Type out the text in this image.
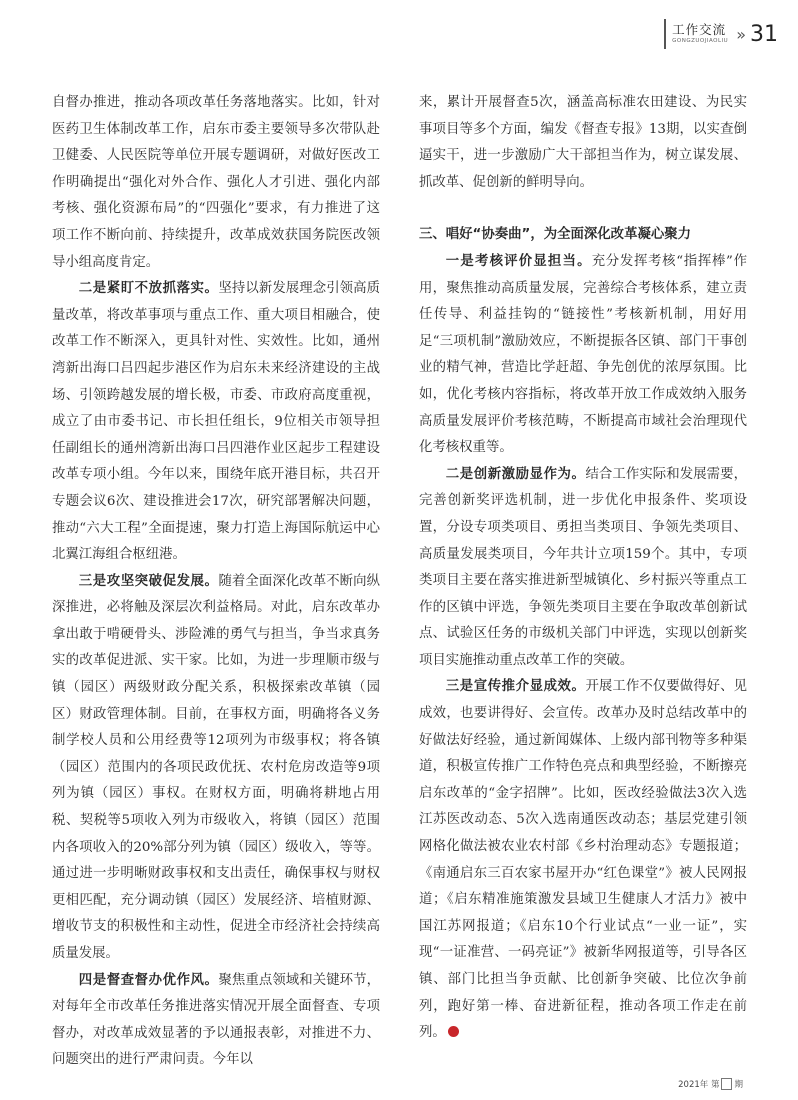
工作交流
GONGZUOJIAOLIU » 31

自督办推进，推动各项改革任务落地落实。比如，针对医药卫生体制改革工作，启东市委主要领导多次带队赴卫健委、人民医院等单位开展专题调研，对做好医改工作明确提出“强化对外合作、强化人才引进、强化内部考核、强化资源布局”的“四强化”要求，有力推进了这项工作不断向前、持续提升，改革成效获国务院医改领导小组高度肯定。

二是紧盯不放抓落实。坚持以新发展理念引领高质量改革，将改革事项与重点工作、重大项目相融合，使改革工作不断深入，更具针对性、实效性。比如，通州湾新出海口吕四起步港区作为启东未来经济建设的主战场、引领跨越发展的增长极，市委、市政府高度重视，成立了由市委书记、市长担任组长，9位相关市领导担任副组长的通州湾新出海口吕四港作业区起步工程建设改革专项小组。今年以来，围绕年底开港目标，共召开专题会议6次、建设推进会17次，研究部署解决问题，推动“六大工程”全面提速，聚力打造上海国际航运中心北翼江海组合枢纽港。

三是攻坚突破促发展。随着全面深化改革不断向纵深推进，必将触及深层次利益格局。对此，启东改革办拿出敢于啃硬骨头、涉险滩的勇气与担当，争当求真务实的改革促进派、实干家。比如，为进一步理顺市级与镇（园区）两级财政分配关系，积极探索改革镇（园区）财政管理体制。目前，在事权方面，明确将各义务制学校人员和公用经费等12项列为市级事权；将各镇（园区）范围内的各项民政优抚、农村危房改造等9项列为镇（园区）事权。在财权方面，明确将耕地占用税、契税等5项收入列为市级收入，将镇（园区）范围内各项收入的20%部分列为镇（园区）级收入，等等。通过进一步明晰财政事权和支出责任，确保事权与财权更相匹配，充分调动镇（园区）发展经济、培植财源、增收节支的积极性和主动性，促进全市经济社会持续高质量发展。

四是督查督办优作风。聚焦重点领域和关键环节，对每年全市改革任务推进落实情况开展全面督查、专项督办，对改革成效显著的予以通报表彰，对推进不力、问题突出的进行严肃问责。今年以

来，累计开展督查5次，涵盖高标准农田建设、为民实事项目等多个方面，编发《督查专报》13期，以实查倒逼实干，进一步激励广大干部担当作为，树立谋发展、抓改革、促创新的鲜明导向。

三、唱好“协奏曲”，为全面深化改革凝心聚力

一是考核评价显担当。充分发挥考核“指挥棒”作用，聚焦推动高质量发展，完善综合考核体系，建立责任传导、利益挂钩的“链接性”考核新机制，用好用足“三项机制”激励效应，不断提振各区镇、部门干事创业的精气神，营造比学赶超、争先创优的浓厚氛围。比如，优化考核内容指标，将改革开放工作成效纳入服务高质量发展评价考核范畴，不断提高市域社会治理现代化考核权重等。

二是创新激励显作为。结合工作实际和发展需要，完善创新奖评选机制，进一步优化申报条件、奖项设置，分设专项类项目、勇担当类项目、争领先类项目、高质量发展类项目，今年共计立项159个。其中，专项类项目主要在落实推进新型城镇化、乡村振兴等重点工作的区镇中评选，争领先类项目主要在争取改革创新试点、试验区任务的市级机关部门中评选，实现以创新奖项目实施推动重点改革工作的突破。

三是宣传推介显成效。开展工作不仅要做得好、见成效，也要讲得好、会宣传。改革办及时总结改革中的好做法好经验，通过新闻媒体、上级内部刊物等多种渠道，积极宣传推广工作特色亮点和典型经验，不断擦亮启东改革的“金字招牌”。比如，医改经验做法3次入选江苏医改动态、5次入选南通医改动态；基层党建引领网格化做法被农业农村部《乡村治理动态》专题报道；《南通启东三百农家书屋开办“红色课堂”》被人民网报道；《启东精准施策激发县域卫生健康人才活力》被中国江苏网报道；《启东10个行业试点“一业一证”，实现“一证准营、一码亮证”》被新华网报道等，引导各区镇、部门比担当争贡献、比创新争突破、比位次争前列，跑好第一棒、奋进新征程，推动各项工作走在前列。

2021年 第 期
